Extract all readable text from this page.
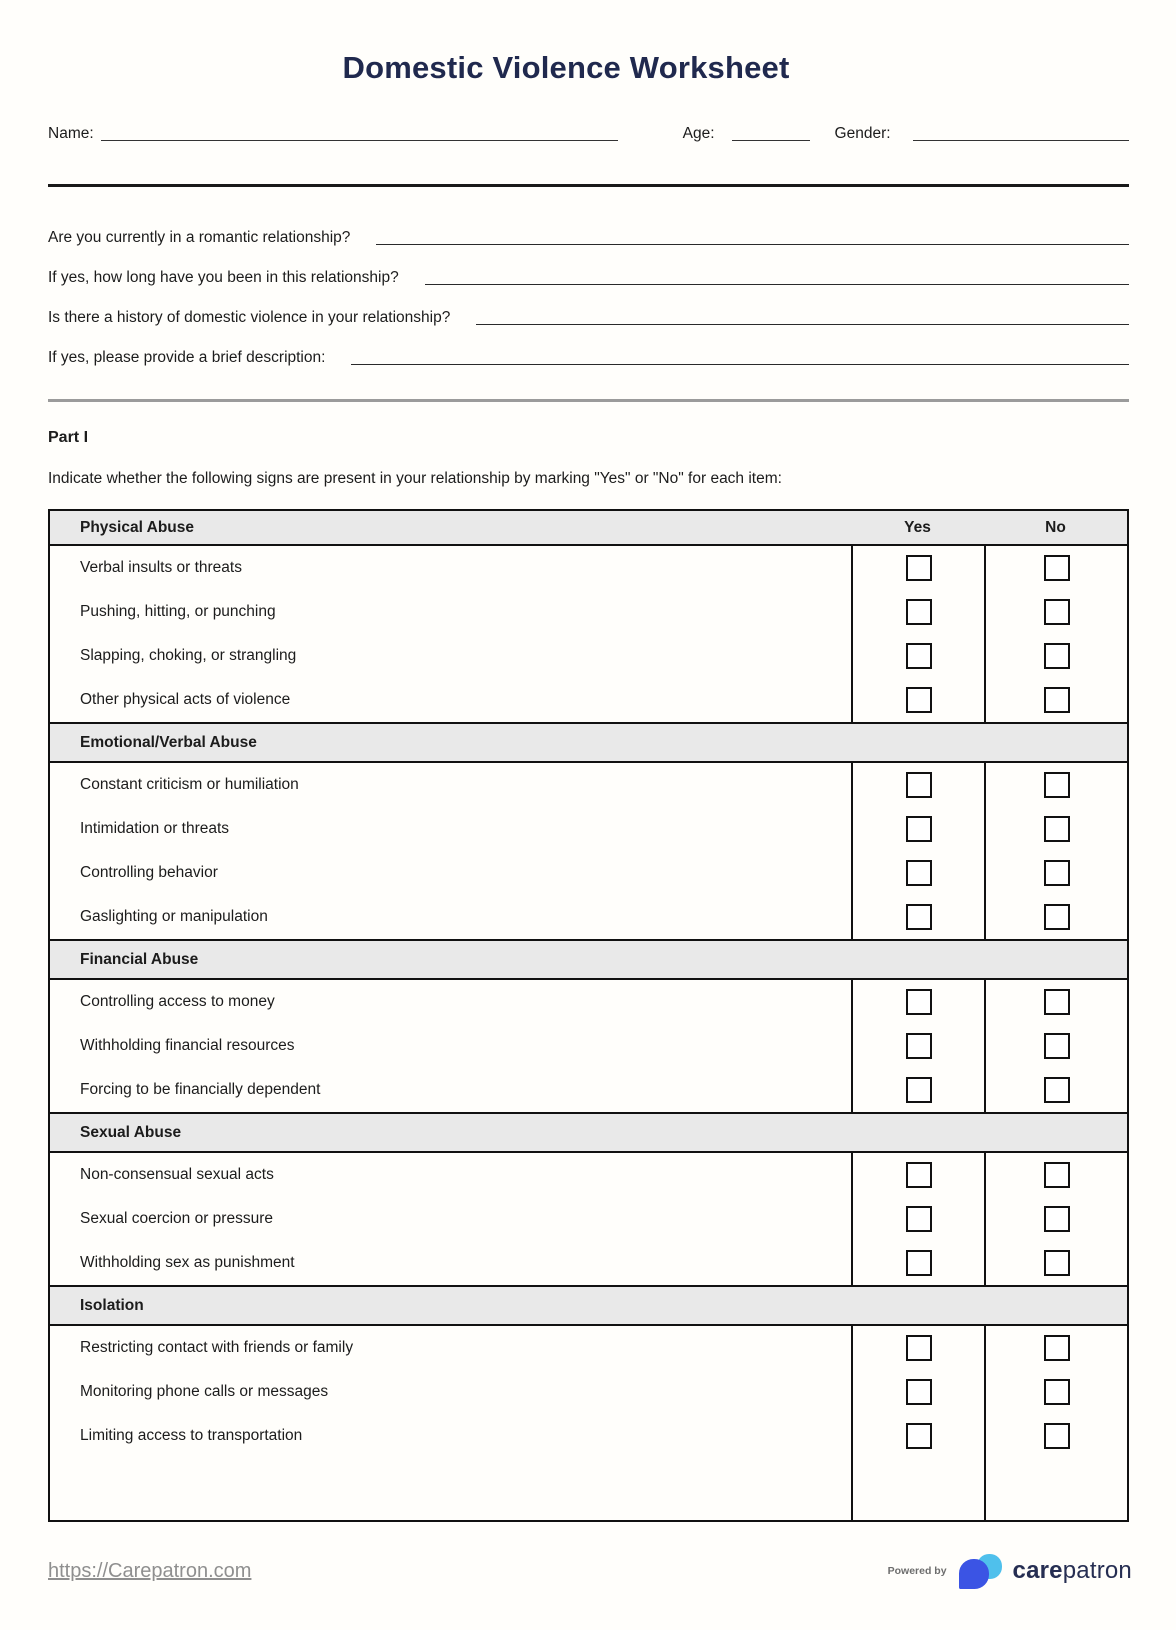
Domestic Violence Worksheet
Name:	Age:	Gender:
Are you currently in a romantic relationship?
If yes, how long have you been in this relationship?
Is there a history of domestic violence in your relationship?
If yes, please provide a brief description:
Part I
Indicate whether the following signs are present in your relationship by marking "Yes" or "No" for each item:
Physical Abuse	Yes	No
Verbal insults or threats
Pushing, hitting, or punching
Slapping, choking, or strangling
Other physical acts of violence
Emotional/Verbal Abuse
Constant criticism or humiliation
Intimidation or threats
Controlling behavior
Gaslighting or manipulation
Financial Abuse
Controlling access to money
Withholding financial resources
Forcing to be financially dependent
Sexual Abuse
Non-consensual sexual acts
Sexual coercion or pressure
Withholding sex as punishment
Isolation
Restricting contact with friends or family
Monitoring phone calls or messages
Limiting access to transportation
https://Carepatron.com	Powered by	carepatron
